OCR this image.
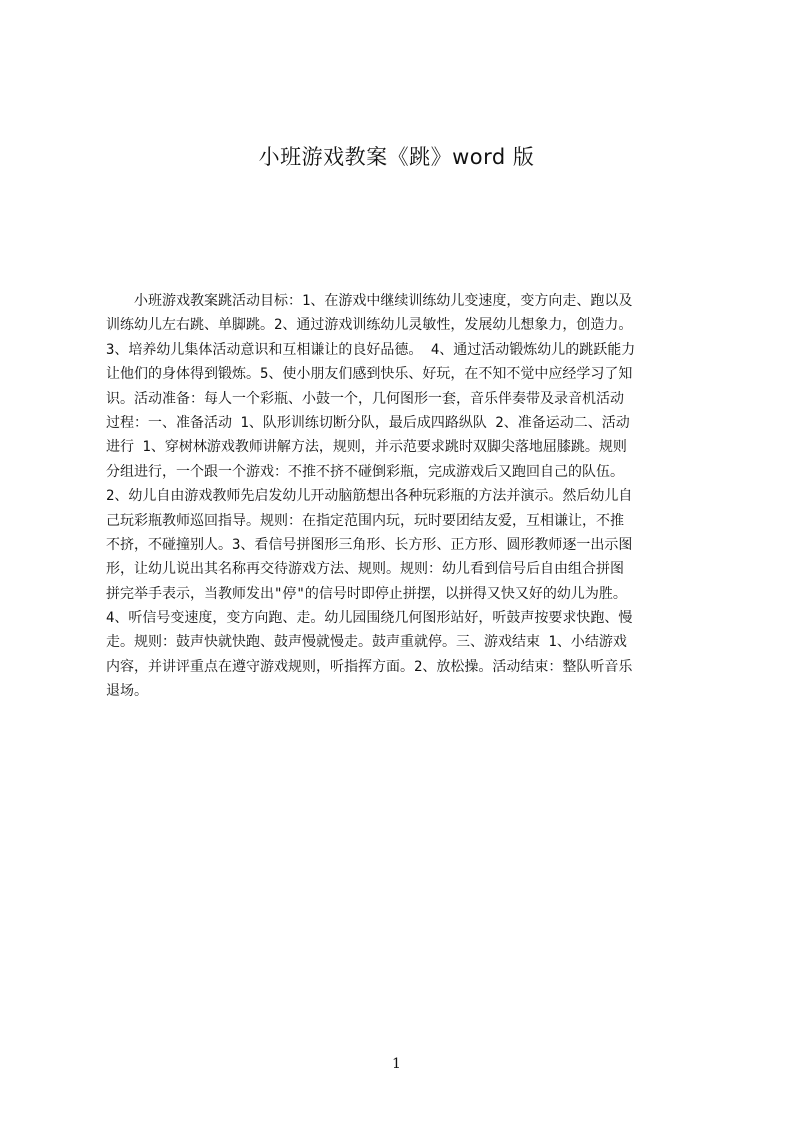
小班游戏教案《跳》word 版
小班游戏教案跳活动目标：1、在游戏中继续训练幼儿变速度，变方向走、跑以及
训练幼儿左右跳、单脚跳。2、通过游戏训练幼儿灵敏性，发展幼儿想象力，创造力。
3、培养幼儿集体活动意识和互相谦让的良好品德。 4、通过活动锻炼幼儿的跳跃能力
让他们的身体得到锻炼。5、使小朋友们感到快乐、好玩，在不知不觉中应经学习了知
识。活动准备：每人一个彩瓶、小鼓一个，几何图形一套，音乐伴奏带及录音机活动
过程：一、准备活动 1、队形训练切断分队，最后成四路纵队 2、准备运动二、活动
进行 1、穿树林游戏教师讲解方法，规则，并示范要求跳时双脚尖落地屈膝跳。规则
分组进行，一个跟一个游戏：不推不挤不碰倒彩瓶，完成游戏后又跑回自己的队伍。
2、幼儿自由游戏教师先启发幼儿开动脑筋想出各种玩彩瓶的方法并演示。然后幼儿自
己玩彩瓶教师巡回指导。规则：在指定范围内玩，玩时要团结友爱，互相谦让，不推
不挤，不碰撞别人。3、看信号拼图形三角形、长方形、正方形、圆形教师逐一出示图
形，让幼儿说出其名称再交待游戏方法、规则。规则：幼儿看到信号后自由组合拼图
拼完举手表示，当教师发出"停"的信号时即停止拼摆，以拼得又快又好的幼儿为胜。
4、听信号变速度，变方向跑、走。幼儿园围绕几何图形站好，听鼓声按要求快跑、慢
走。规则：鼓声快就快跑、鼓声慢就慢走。鼓声重就停。三、游戏结束 1、小结游戏
内容，并讲评重点在遵守游戏规则，听指挥方面。2、放松操。活动结束：整队听音乐
退场。
1
